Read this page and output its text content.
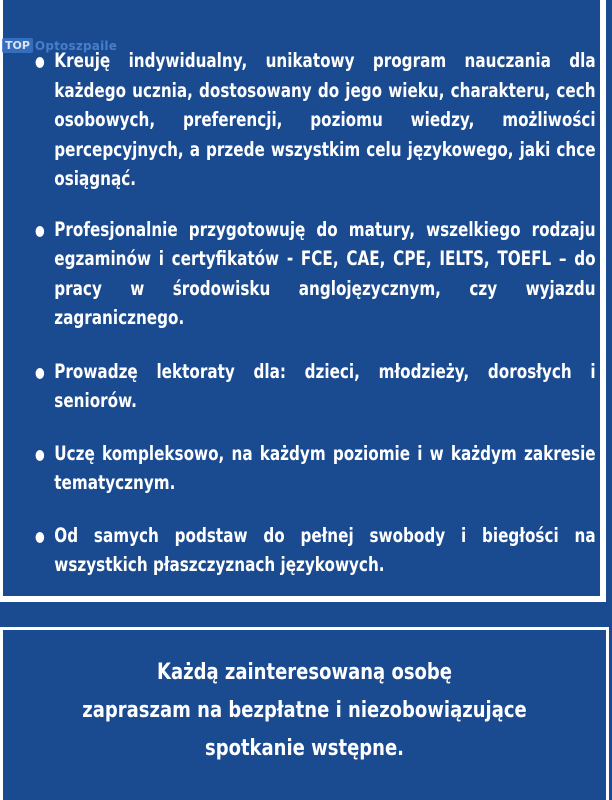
TOP Optoszpaile
Kreuję indywidualny, unikatowy program nauczania dla każdego ucznia, dostosowany do jego wieku, charakteru, cech osobowych, preferencji, poziomu wiedzy, możliwości percepcyjnych, a przede wszystkim celu językowego, jaki chce osiągnąć.
Profesjonalnie przygotowuję do matury, wszelkiego rodzaju egzaminów i certyfikatów - FCE, CAE, CPE, IELTS, TOEFL – do pracy w środowisku anglojęzycznym, czy wyjazdu zagranicznego.
Prowadzę lektoraty dla: dzieci, młodzieży, dorosłych i seniorów.
Uczę kompleksowo, na każdym poziomie i w każdym zakresie tematycznym.
Od samych podstaw do pełnej swobody i biegłości na wszystkich płaszczyznach językowych.
Każdą zainteresowaną osobę
zapraszam na bezpłatne i niezobowiązujące
spotkanie wstępne.
